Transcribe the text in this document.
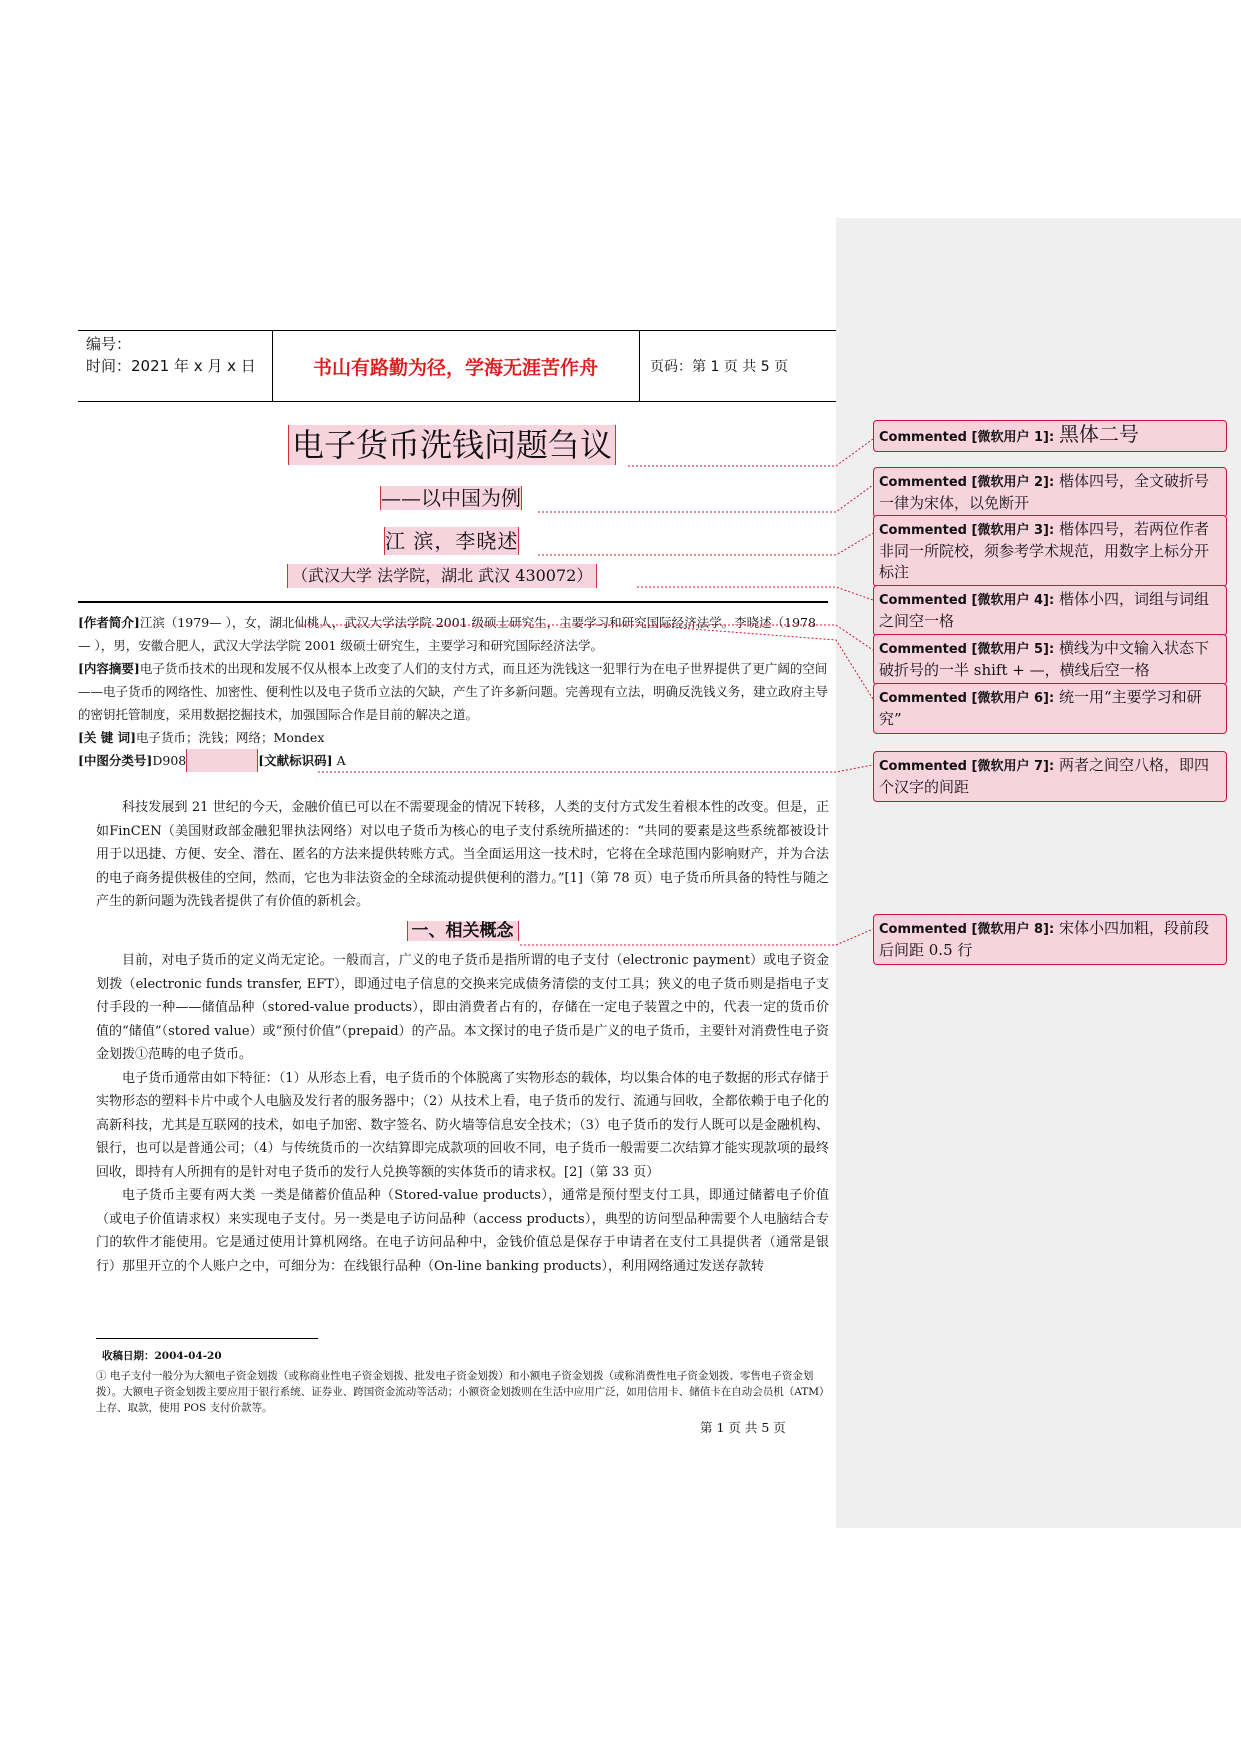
编号：
时间：2021 年 x 月 x 日	书山有路勤为径，学海无涯苦作舟	页码：第 1 页 共 5 页
电子货币洗钱问题刍议
——以中国为例
江 滨，李晓述
（武汉大学 法学院，湖北 武汉 430072）

[作者简介]江滨（1979— ），女，湖北仙桃人，武汉大学法学院 2001 级硕士研究生，主要学习和研究国际经济法学。李晓述（1978— ），男，安徽合肥人，武汉大学法学院 2001 级硕士研究生，主要学习和研究国际经济法学。

[内容摘要]电子货币技术的出现和发展不仅从根本上改变了人们的支付方式，而且还为洗钱这一犯罪行为在电子世界提供了更广阔的空间——电子货币的网络性、加密性、便利性以及电子货币立法的欠缺，产生了许多新问题。完善现有立法，明确反洗钱义务，建立政府主导的密钥托管制度，采用数据挖掘技术，加强国际合作是目前的解决之道。

[关 键 词]电子货币；洗钱；网络；Mondex

[中图分类号]D908	[文献标识码] A

科技发展到 21 世纪的今天，金融价值已可以在不需要现金的情况下转移，人类的支付方式发生着根本性的改变。但是，正如FinCEN（美国财政部金融犯罪执法网络）对以电子货币为核心的电子支付系统所描述的：“共同的要素是这些系统都被设计用于以迅捷、方便、安全、潜在、匿名的方法来提供转账方式。当全面运用这一技术时，它将在全球范围内影响财产，并为合法的电子商务提供极佳的空间，然而，它也为非法资金的全球流动提供便利的潜力。”[1]（第 78 页）电子货币所具备的特性与随之产生的新问题为洗钱者提供了有价值的新机会。

一、相关概念

目前，对电子货币的定义尚无定论。一般而言，广义的电子货币是指所谓的电子支付（electronic payment）或电子资金划拨（electronic funds transfer, EFT），即通过电子信息的交换来完成债务清偿的支付工具；狭义的电子货币则是指电子支付手段的一种——储值品种（stored-value products），即由消费者占有的，存储在一定电子装置之中的，代表一定的货币价值的“储值”（stored value）或“预付价值”（prepaid）的产品。本文探讨的电子货币是广义的电子货币，主要针对消费性电子资金划拨①范畴的电子货币。

电子货币通常由如下特征：（1）从形态上看，电子货币的个体脱离了实物形态的载体，均以集合体的电子数据的形式存储于实物形态的塑料卡片中或个人电脑及发行者的服务器中；（2）从技术上看，电子货币的发行、流通与回收，全都依赖于电子化的高新科技，尤其是互联网的技术，如电子加密、数字签名、防火墙等信息安全技术；（3）电子货币的发行人既可以是金融机构、银行，也可以是普通公司；（4）与传统货币的一次结算即完成款项的回收不同，电子货币一般需要二次结算才能实现款项的最终回收，即持有人所拥有的是针对电子货币的发行人兑换等额的实体货币的请求权。[2]（第 33 页）

电子货币主要有两大类 一类是储蓄价值品种（Stored-value products），通常是预付型支付工具，即通过储蓄电子价值（或电子价值请求权）来实现电子支付。另一类是电子访问品种（access products），典型的访问型品种需要个人电脑结合专门的软件才能使用。它是通过使用计算机网络。在电子访问品种中，金钱价值总是保存于申请者在支付工具提供者（通常是银行）那里开立的个人账户之中，可细分为：在线银行品种（On-line banking products），利用网络通过发送存款转

收稿日期：2004-04-20
① 电子支付一般分为大额电子资金划拨（或称商业性电子资金划拨、批发电子资金划拨）和小额电子资金划拨（或称消费性电子资金划拨、零售电子资金划拨）。大额电子资金划拨主要应用于银行系统、证券业、跨国资金流动等活动；小额资金划拨则在生活中应用广泛，如用信用卡、储值卡在自动会员机（ATM）上存、取款，使用 POS 支付价款等。
第 1 页 共 5 页
Commented [微软用户 1]: 黑体二号
Commented [微软用户 2]: 楷体四号，全文破折号一律为宋体，以免断开
Commented [微软用户 3]: 楷体四号，若两位作者非同一所院校，须参考学术规范，用数字上标分开标注
Commented [微软用户 4]: 楷体小四，词组与词组之间空一格
Commented [微软用户 5]: 横线为中文输入状态下破折号的一半 shift + —，横线后空一格
Commented [微软用户 6]: 统一用“主要学习和研究”
Commented [微软用户 7]: 两者之间空八格，即四个汉字的间距
Commented [微软用户 8]: 宋体小四加粗，段前段后间距 0.5 行
